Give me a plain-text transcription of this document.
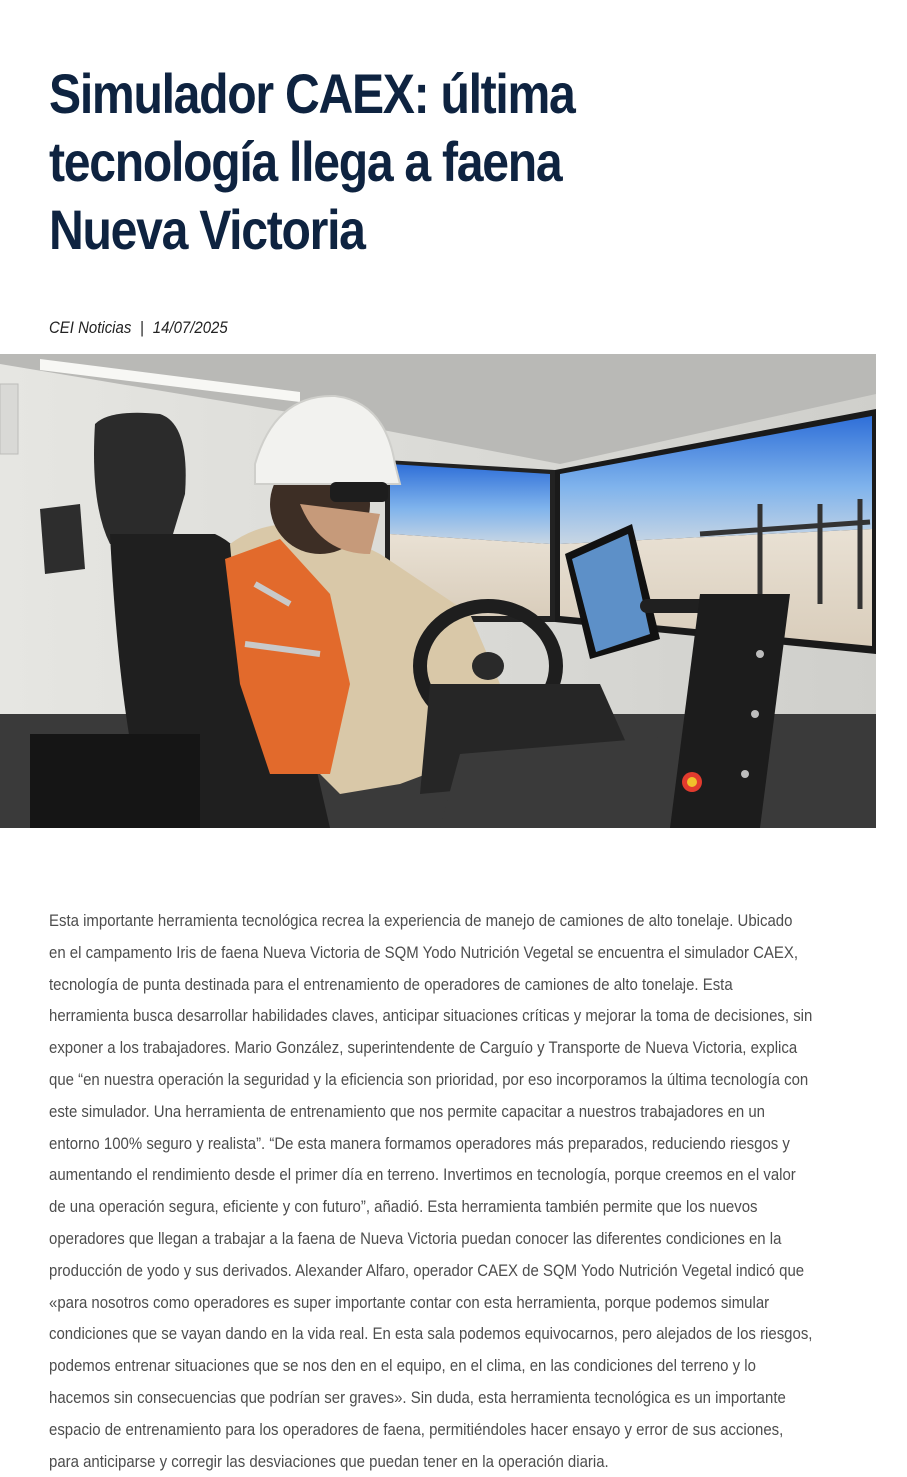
Simulador CAEX: última tecnología llega a faena Nueva Victoria

CEI Noticias | 14/07/2025

Esta importante herramienta tecnológica recrea la experiencia de manejo de camiones de alto tonelaje. Ubicado en el campamento Iris de faena Nueva Victoria de SQM Yodo Nutrición Vegetal se encuentra el simulador CAEX, tecnología de punta destinada para el entrenamiento de operadores de camiones de alto tonelaje. Esta herramienta busca desarrollar habilidades claves, anticipar situaciones críticas y mejorar la toma de decisiones, sin exponer a los trabajadores. Mario González, superintendente de Carguío y Transporte de Nueva Victoria, explica que “en nuestra operación la seguridad y la eficiencia son prioridad, por eso incorporamos la última tecnología con este simulador. Una herramienta de entrenamiento que nos permite capacitar a nuestros trabajadores en un entorno 100% seguro y realista”. “De esta manera formamos operadores más preparados, reduciendo riesgos y aumentando el rendimiento desde el primer día en terreno. Invertimos en tecnología, porque creemos en el valor de una operación segura, eficiente y con futuro”, añadió. Esta herramienta también permite que los nuevos operadores que llegan a trabajar a la faena de Nueva Victoria puedan conocer las diferentes condiciones en la producción de yodo y sus derivados. Alexander Alfaro, operador CAEX de SQM Yodo Nutrición Vegetal indicó que «para nosotros como operadores es super importante contar con esta herramienta, porque podemos simular condiciones que se vayan dando en la vida real. En esta sala podemos equivocarnos, pero alejados de los riesgos, podemos entrenar situaciones que se nos den en el equipo, en el clima, en las condiciones del terreno y lo hacemos sin consecuencias que podrían ser graves». Sin duda, esta herramienta tecnológica es un importante espacio de entrenamiento para los operadores de faena, permitiéndoles hacer ensayo y error de sus acciones, para anticiparse y corregir las desviaciones que puedan tener en la operación diaria.
